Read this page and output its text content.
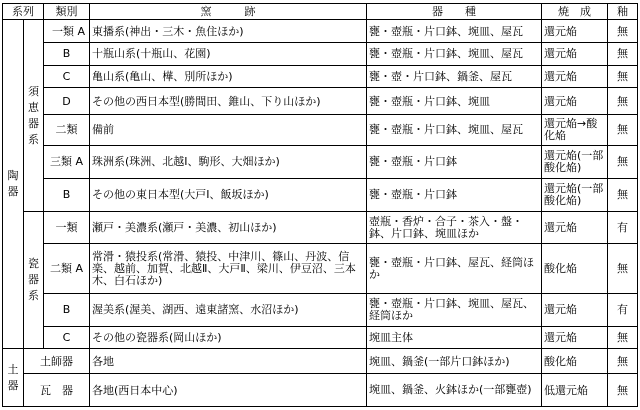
系列		類別	窯　　　跡	器　　種	焼　成	釉

陶器	須恵器系	一類 A	東播系(神出・三木・魚住ほか)	甕・壺瓶・片口鉢、埦皿、屋瓦	還元焔	無
		B	十瓶山系(十瓶山、花園)	甕・壺瓶・片口鉢、埦皿、屋瓦	還元焔	無
		C	亀山系(亀山、樺、別所ほか)	甕・壺・片口鉢、鍋釜、屋瓦	還元焔	無
		D	その他の西日本型(勝間田、錐山、下り山ほか)	甕・壺瓶・片口鉢、埦皿	還元焔	無
		二類	備前	甕・壺瓶・片口鉢、埦皿、屋瓦	還元焔→酸化焔	無
		三類 A	珠洲系(珠洲、北越Ⅰ、駒形、大畑ほか)	甕・壺瓶・片口鉢	還元焔(一部酸化焔)	無
		B	その他の東日本型(大戸Ⅰ、飯坂ほか)	甕・壺瓶・片口鉢	還元焔(一部酸化焔)	無

	瓷器系	一類	瀬戸・美濃系(瀬戸・美濃、初山ほか)	壺瓶・香炉・合子・茶入・盤・鉢、片口鉢、埦皿ほか	還元焔	有
		二類 A	常滑・猿投系(常滑、猿投、中津川、篠山、丹波、信楽、越前、加賀、北越Ⅱ、大戸Ⅱ、梁川、伊豆沼、三本木、白石ほか)	甕・壺瓶・片口鉢、屋瓦、経筒ほか	酸化焔	無
		B	渥美系(渥美、湖西、遠東諸窯、水沼ほか)	甕・壺瓶・片口鉢、埦皿、屋瓦、経筒ほか	還元焔	有
		C	その他の瓷器系(岡山ほか)	埦皿主体	還元焔	無

土器	土師器		各地	埦皿、鍋釜(一部片口鉢ほか)	酸化焔	無
	瓦　器		各地(西日本中心)	埦皿、鍋釜、火鉢ほか(一部甕壺)	低還元焔	無
